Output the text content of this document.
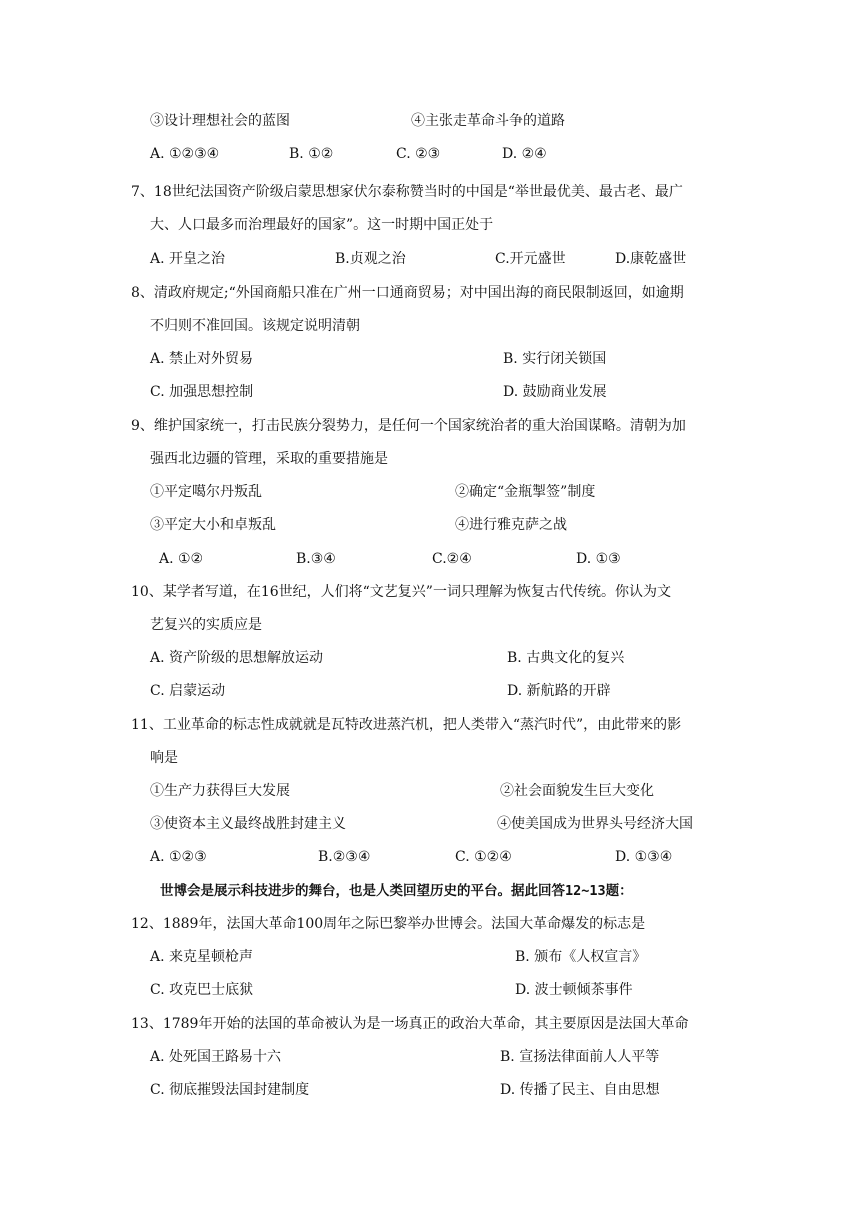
③设计理想社会的蓝图	④主张走革命斗争的道路
A. ①②③④	B. ①②	C. ②③	D. ②④
7、18世纪法国资产阶级启蒙思想家伏尔泰称赞当时的中国是“举世最优美、最古老、最广
大、人口最多而治理最好的国家”。这一时期中国正处于
A. 开皇之治	B.贞观之治	C.开元盛世	D.康乾盛世
8、清政府规定;“外国商船只准在广州一口通商贸易；对中国出海的商民限制返回，如逾期
不归则不准回国。该规定说明清朝
A. 禁止对外贸易	B. 实行闭关锁国
C. 加强思想控制	D. 鼓励商业发展
9、维护国家统一，打击民族分裂势力，是任何一个国家统治者的重大治国谋略。清朝为加
强西北边疆的管理，采取的重要措施是
①平定噶尔丹叛乱	②确定“金瓶掣签”制度
③平定大小和卓叛乱	④进行雅克萨之战
A. ①②	B.③④	C.②④	D. ①③
10、某学者写道，在16世纪，人们将“文艺复兴”一词只理解为恢复古代传统。你认为文
艺复兴的实质应是
A. 资产阶级的思想解放运动	B. 古典文化的复兴
C. 启蒙运动	D. 新航路的开辟
11、工业革命的标志性成就就是瓦特改进蒸汽机，把人类带入“蒸汽时代”，由此带来的影
响是
①生产力获得巨大发展	②社会面貌发生巨大变化
③使资本主义最终战胜封建主义	④使美国成为世界头号经济大国
A. ①②③	B.②③④	C. ①②④	D. ①③④
世博会是展示科技进步的舞台，也是人类回望历史的平台。据此回答12~13题：
12、1889年，法国大革命100周年之际巴黎举办世博会。法国大革命爆发的标志是
A. 来克星顿枪声	B. 颁布《人权宣言》
C. 攻克巴士底狱	D. 波士顿倾茶事件
13、1789年开始的法国的革命被认为是一场真正的政治大革命，其主要原因是法国大革命
A. 处死国王路易十六	B. 宣扬法律面前人人平等
C. 彻底摧毁法国封建制度	D. 传播了民主、自由思想
